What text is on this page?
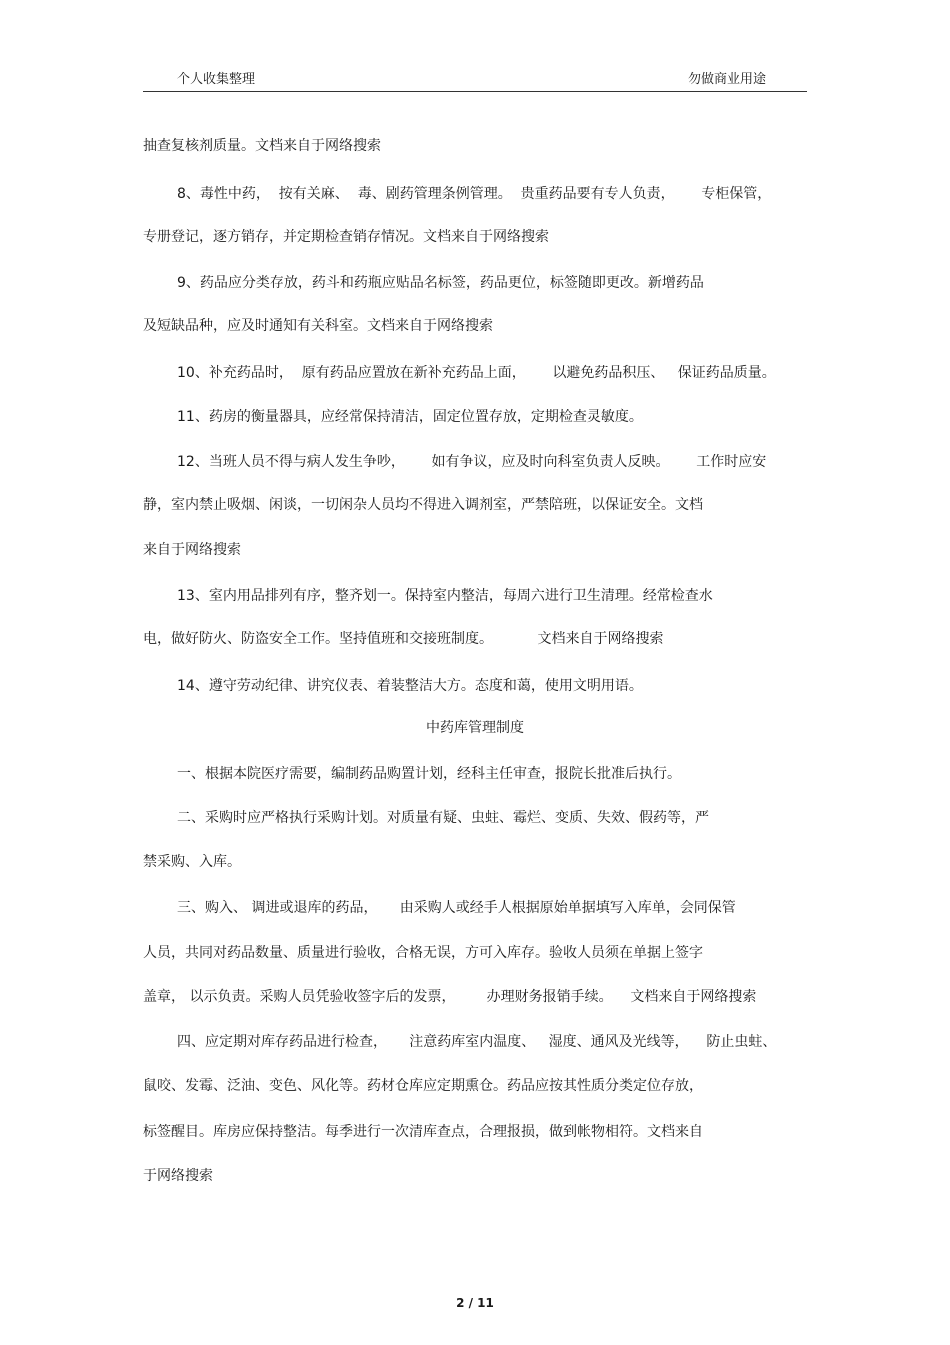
个人收集整理	勿做商业用途
抽查复核剂质量。文档来自于网络搜索
8、毒性中药，  按有关麻、  毒、剧药管理条例管理。  贵重药品要有专人负责，      专柜保管，
专册登记，逐方销存，并定期检查销存情况。文档来自于网络搜索
9、药品应分类存放，药斗和药瓶应贴品名标签，药品更位，标签随即更改。新增药品
及短缺品种，应及时通知有关科室。文档来自于网络搜索
10、补充药品时，  原有药品应置放在新补充药品上面，      以避免药品积压、   保证药品质量。
11、药房的衡量器具，应经常保持清洁，固定位置存放，定期检查灵敏度。
12、当班人员不得与病人发生争吵，      如有争议，应及时向科室负责人反映。      工作时应安
静，室内禁止吸烟、闲谈，一切闲杂人员均不得进入调剂室，严禁陪班，以保证安全。文档
来自于网络搜索
13、室内用品排列有序，整齐划一。保持室内整洁，每周六进行卫生清理。经常检查水
电，做好防火、防盗安全工作。坚持值班和交接班制度。          文档来自于网络搜索
14、遵守劳动纪律、讲究仪表、着装整洁大方。态度和蔼，使用文明用语。
中药库管理制度
一、根据本院医疗需要，编制药品购置计划，经科主任审查，报院长批准后执行。
二、采购时应严格执行采购计划。对质量有疑、虫蛀、霉烂、变质、失效、假药等，严
禁采购、入库。
三、购入、 调进或退库的药品，     由采购人或经手人根据原始单据填写入库单，会同保管
人员，共同对药品数量、质量进行验收，合格无误，方可入库存。验收人员须在单据上签字
盖章， 以示负责。采购人员凭验收签字后的发票，       办理财务报销手续。    文档来自于网络搜索
四、应定期对库存药品进行检查，     注意药库室内温度、   湿度、通风及光线等，    防止虫蛀、
鼠咬、发霉、泛油、变色、风化等。药材仓库应定期熏仓。药品应按其性质分类定位存放，
标签醒目。库房应保持整洁。每季进行一次清库查点，合理报损，做到帐物相符。文档来自
于网络搜索
2 / 11
